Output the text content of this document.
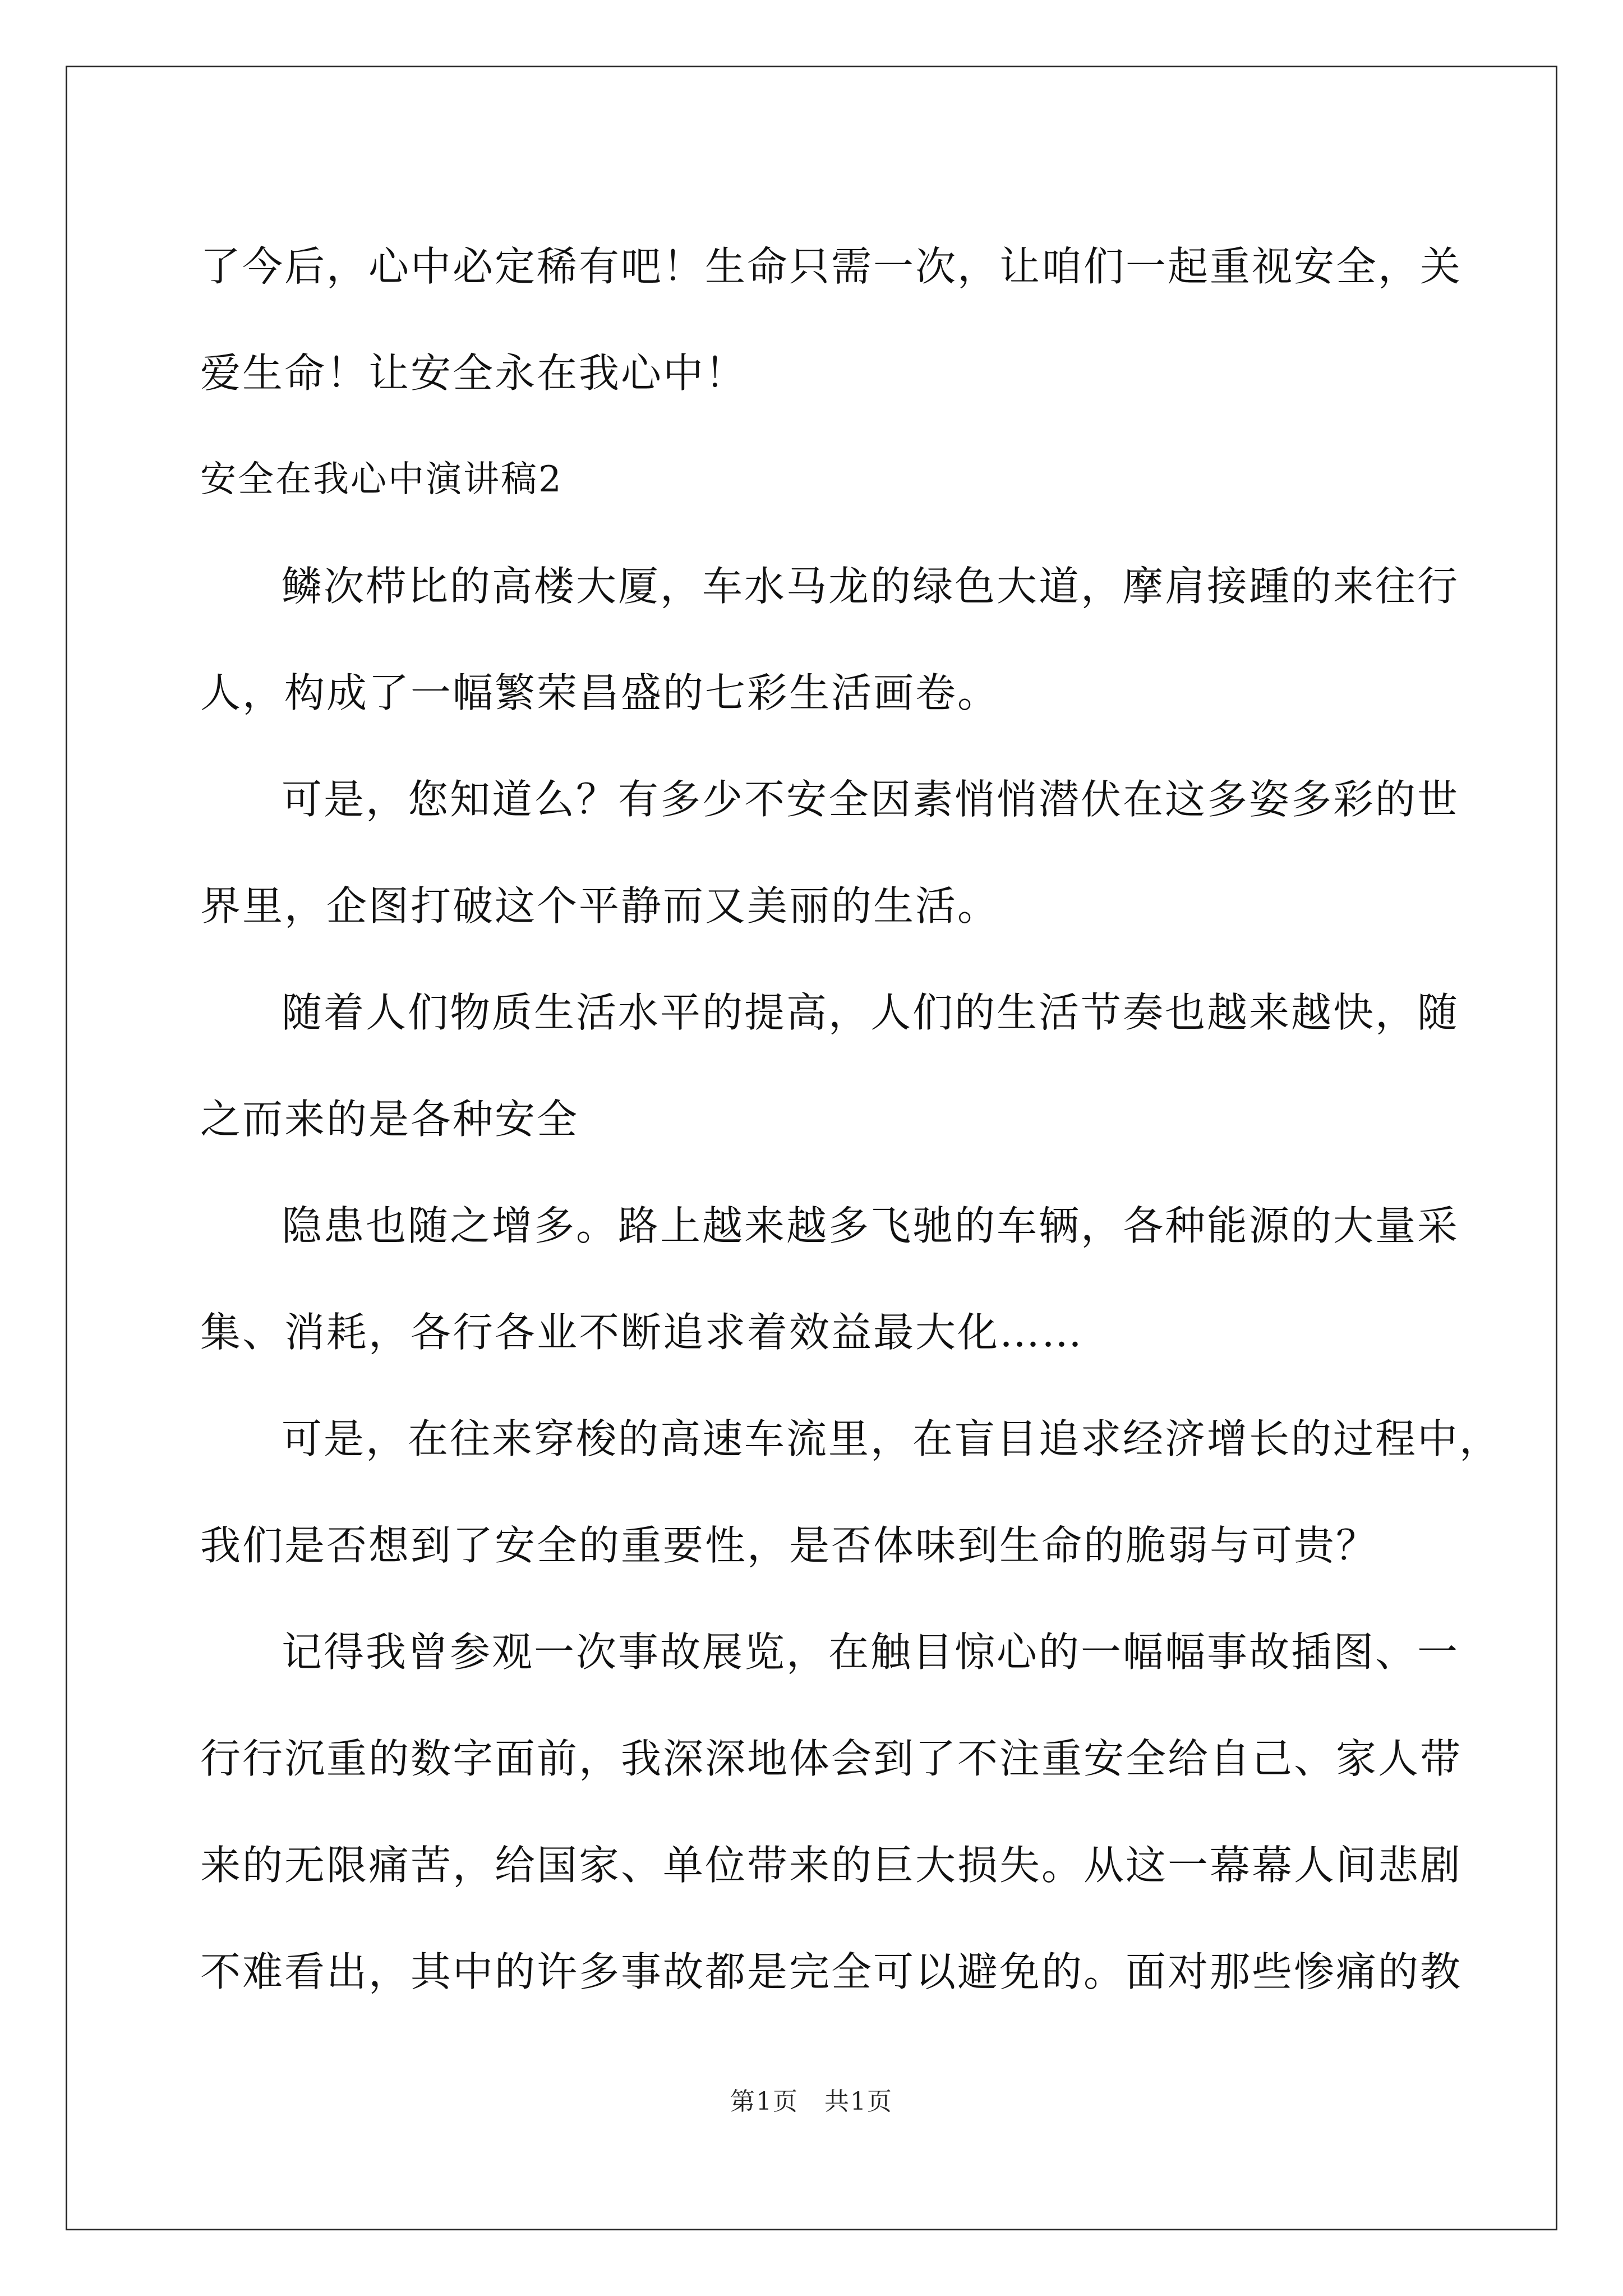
了今后，心中必定稀有吧！生命只需一次，让咱们一起重视安全，关
爱生命！让安全永在我心中！
安全在我心中演讲稿2
鳞次栉比的高楼大厦，车水马龙的绿色大道，摩肩接踵的来往行
人，构成了一幅繁荣昌盛的七彩生活画卷。
可是，您知道么？有多少不安全因素悄悄潜伏在这多姿多彩的世
界里，企图打破这个平静而又美丽的生活。
随着人们物质生活水平的提高，人们的生活节奏也越来越快，随
之而来的是各种安全
隐患也随之增多。路上越来越多飞驰的车辆，各种能源的大量采
集、消耗，各行各业不断追求着效益最大化……
可是，在往来穿梭的高速车流里，在盲目追求经济增长的过程中，
我们是否想到了安全的重要性，是否体味到生命的脆弱与可贵？
记得我曾参观一次事故展览，在触目惊心的一幅幅事故插图、一
行行沉重的数字面前，我深深地体会到了不注重安全给自己、家人带
来的无限痛苦，给国家、单位带来的巨大损失。从这一幕幕人间悲剧
不难看出，其中的许多事故都是完全可以避免的。面对那些惨痛的教
第1页　共1页
